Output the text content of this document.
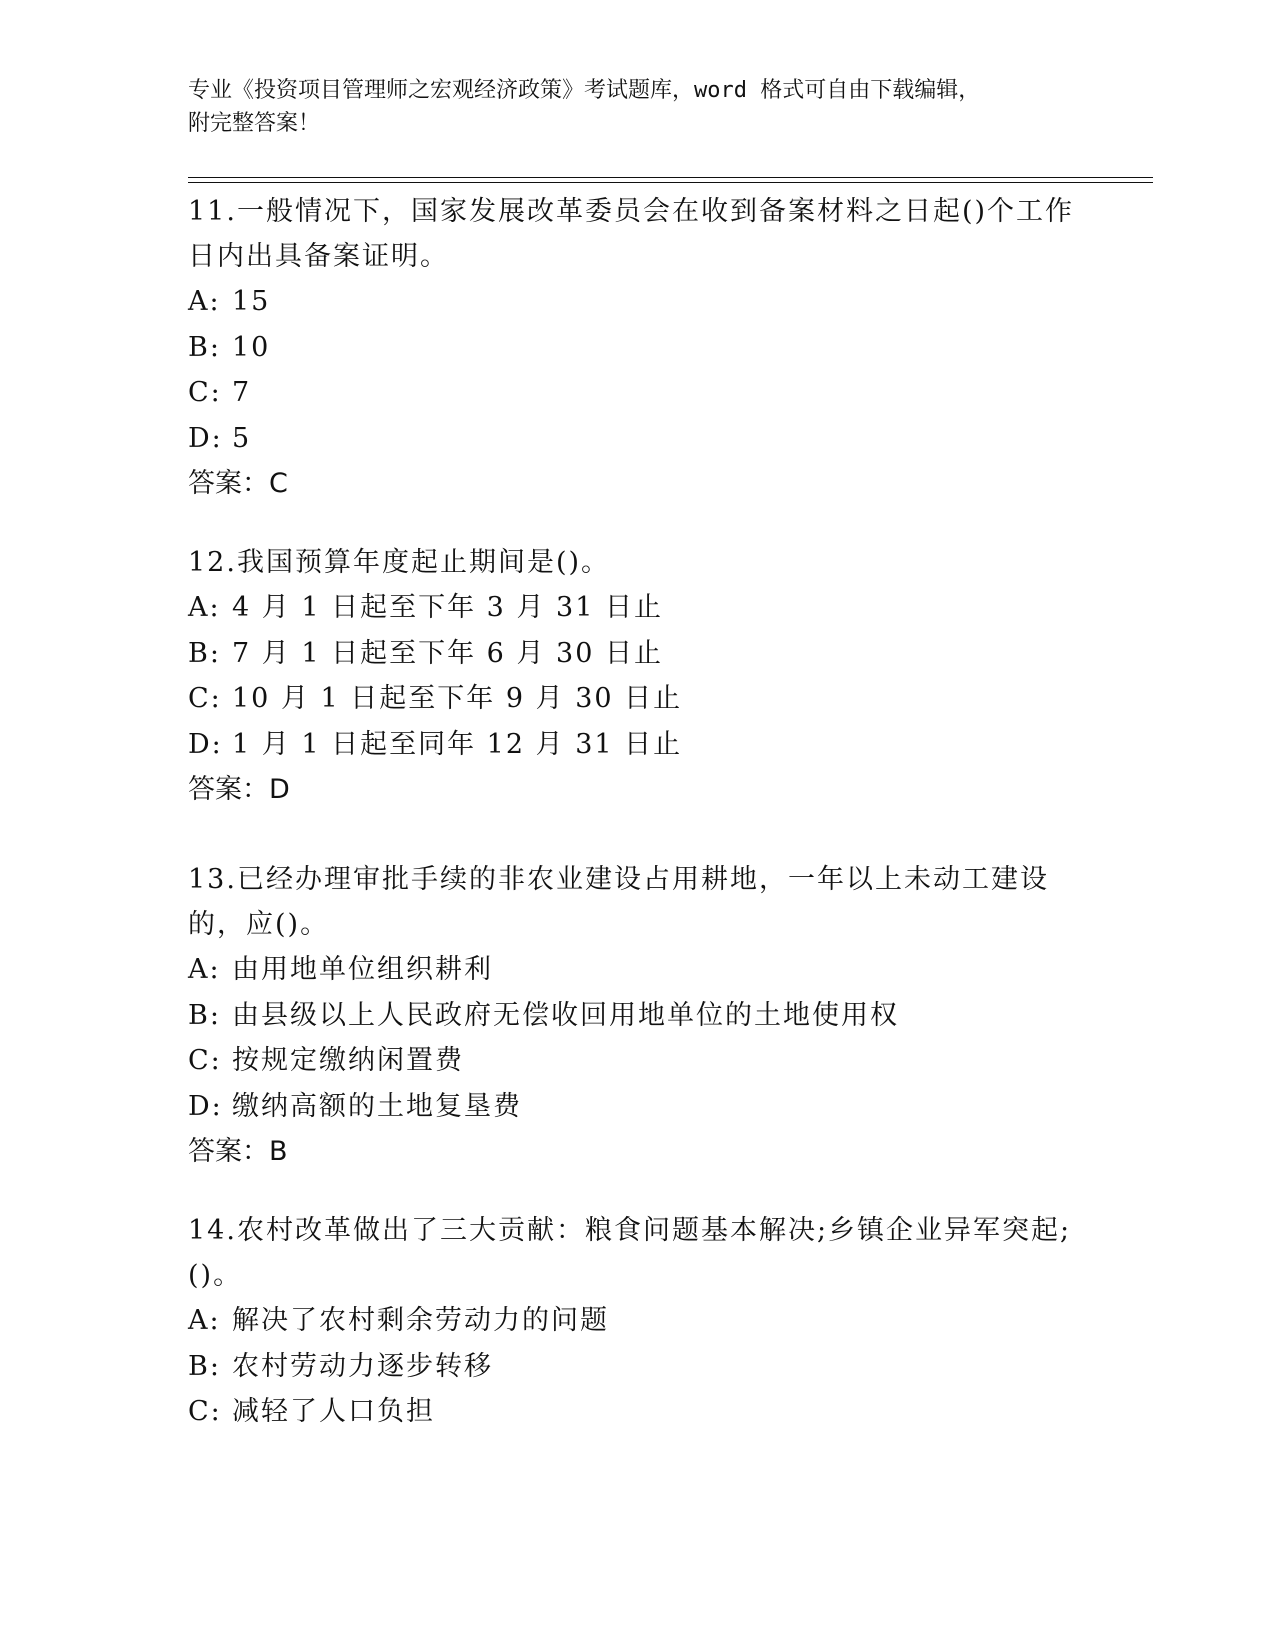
专业《投资项目管理师之宏观经济政策》考试题库，word 格式可自由下载编辑，
附完整答案！
11.一般情况下，国家发展改革委员会在收到备案材料之日起()个工作日内出具备案证明。
A: 15
B: 10
C: 7
D: 5
答案：C
12.我国预算年度起止期间是()。
A: 4 月 1 日起至下年 3 月 31 日止
B: 7 月 1 日起至下年 6 月 30 日止
C: 10 月 1 日起至下年 9 月 30 日止
D: 1 月 1 日起至同年 12 月 31 日止
答案：D
13.已经办理审批手续的非农业建设占用耕地，一年以上未动工建设的，应()。
A: 由用地单位组织耕利
B: 由县级以上人民政府无偿收回用地单位的土地使用权
C: 按规定缴纳闲置费
D: 缴纳高额的土地复垦费
答案：B
14.农村改革做出了三大贡献：粮食问题基本解决;乡镇企业异军突起;()。
A: 解决了农村剩余劳动力的问题
B: 农村劳动力逐步转移
C: 减轻了人口负担
